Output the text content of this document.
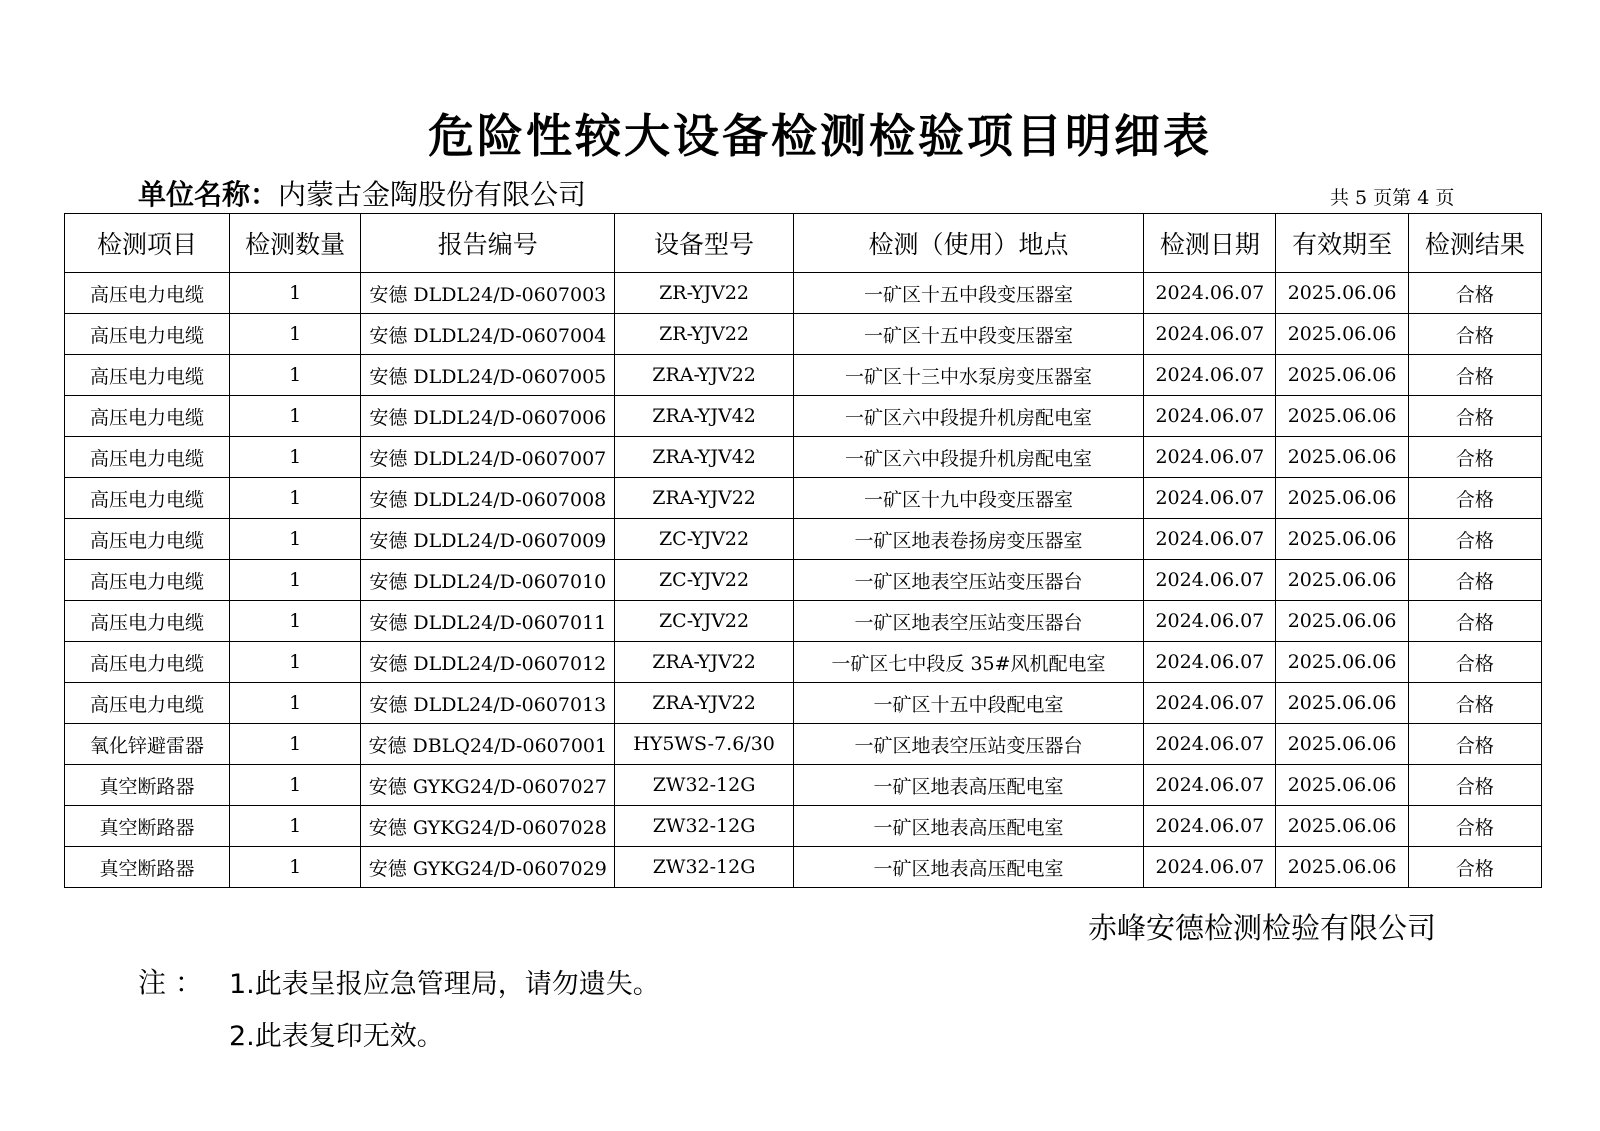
危险性较大设备检测检验项目明细表
单位名称：内蒙古金陶股份有限公司	共 5 页第 4 页
检测项目	检测数量	报告编号	设备型号	检测（使用）地点	检测日期	有效期至	检测结果
高压电力电缆	1	安德 DLDL24/D-0607003	ZR-YJV22	一矿区十五中段变压器室	2024.06.07	2025.06.06	合格
高压电力电缆	1	安德 DLDL24/D-0607004	ZR-YJV22	一矿区十五中段变压器室	2024.06.07	2025.06.06	合格
高压电力电缆	1	安德 DLDL24/D-0607005	ZRA-YJV22	一矿区十三中水泵房变压器室	2024.06.07	2025.06.06	合格
高压电力电缆	1	安德 DLDL24/D-0607006	ZRA-YJV42	一矿区六中段提升机房配电室	2024.06.07	2025.06.06	合格
高压电力电缆	1	安德 DLDL24/D-0607007	ZRA-YJV42	一矿区六中段提升机房配电室	2024.06.07	2025.06.06	合格
高压电力电缆	1	安德 DLDL24/D-0607008	ZRA-YJV22	一矿区十九中段变压器室	2024.06.07	2025.06.06	合格
高压电力电缆	1	安德 DLDL24/D-0607009	ZC-YJV22	一矿区地表卷扬房变压器室	2024.06.07	2025.06.06	合格
高压电力电缆	1	安德 DLDL24/D-0607010	ZC-YJV22	一矿区地表空压站变压器台	2024.06.07	2025.06.06	合格
高压电力电缆	1	安德 DLDL24/D-0607011	ZC-YJV22	一矿区地表空压站变压器台	2024.06.07	2025.06.06	合格
高压电力电缆	1	安德 DLDL24/D-0607012	ZRA-YJV22	一矿区七中段反 35#风机配电室	2024.06.07	2025.06.06	合格
高压电力电缆	1	安德 DLDL24/D-0607013	ZRA-YJV22	一矿区十五中段配电室	2024.06.07	2025.06.06	合格
氧化锌避雷器	1	安德 DBLQ24/D-0607001	HY5WS-7.6/30	一矿区地表空压站变压器台	2024.06.07	2025.06.06	合格
真空断路器	1	安德 GYKG24/D-0607027	ZW32-12G	一矿区地表高压配电室	2024.06.07	2025.06.06	合格
真空断路器	1	安德 GYKG24/D-0607028	ZW32-12G	一矿区地表高压配电室	2024.06.07	2025.06.06	合格
真空断路器	1	安德 GYKG24/D-0607029	ZW32-12G	一矿区地表高压配电室	2024.06.07	2025.06.06	合格
赤峰安德检测检验有限公司
注 ： 1.此表呈报应急管理局，请勿遗失。
2.此表复印无效。
